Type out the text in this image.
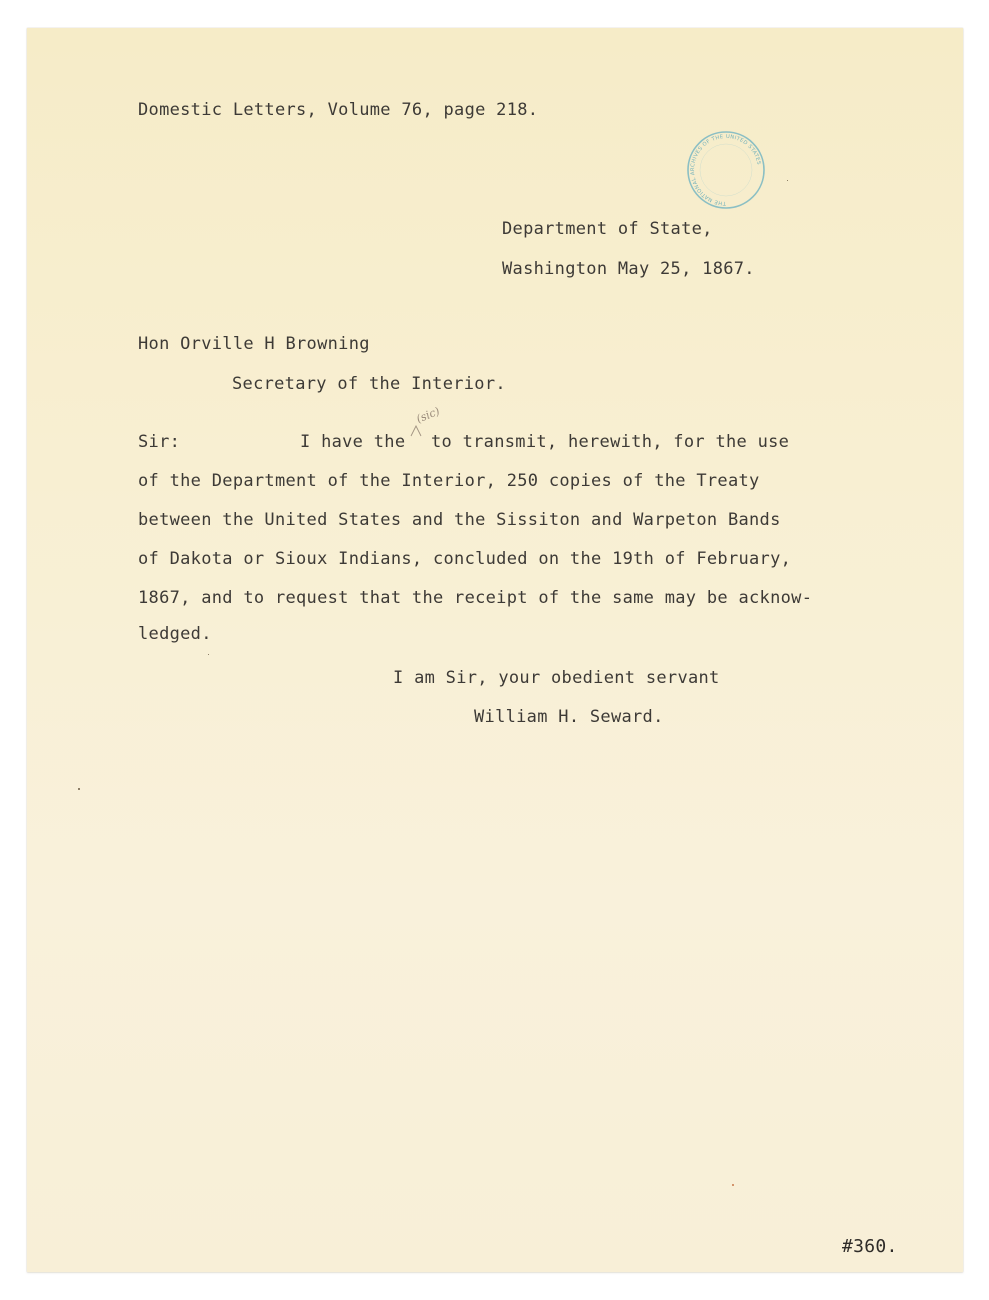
Domestic Letters, Volume 76, page 218.
THE NATIONAL ARCHIVES OF THE UNITED STATES
Department of State,
Washington May 25, 1867.
Hon Orville H Browning
Secretary of the Interior.
Sir:	I have the to transmit, herewith, for the use
(sic)
of the Department of the Interior, 250 copies of the Treaty
between the United States and the Sissiton and Warpeton Bands
of Dakota or Sioux Indians, concluded on the 19th of February,
1867, and to request that the receipt of the same may be acknow-
ledged.
I am Sir, your obedient servant
William H. Seward.
#360.
